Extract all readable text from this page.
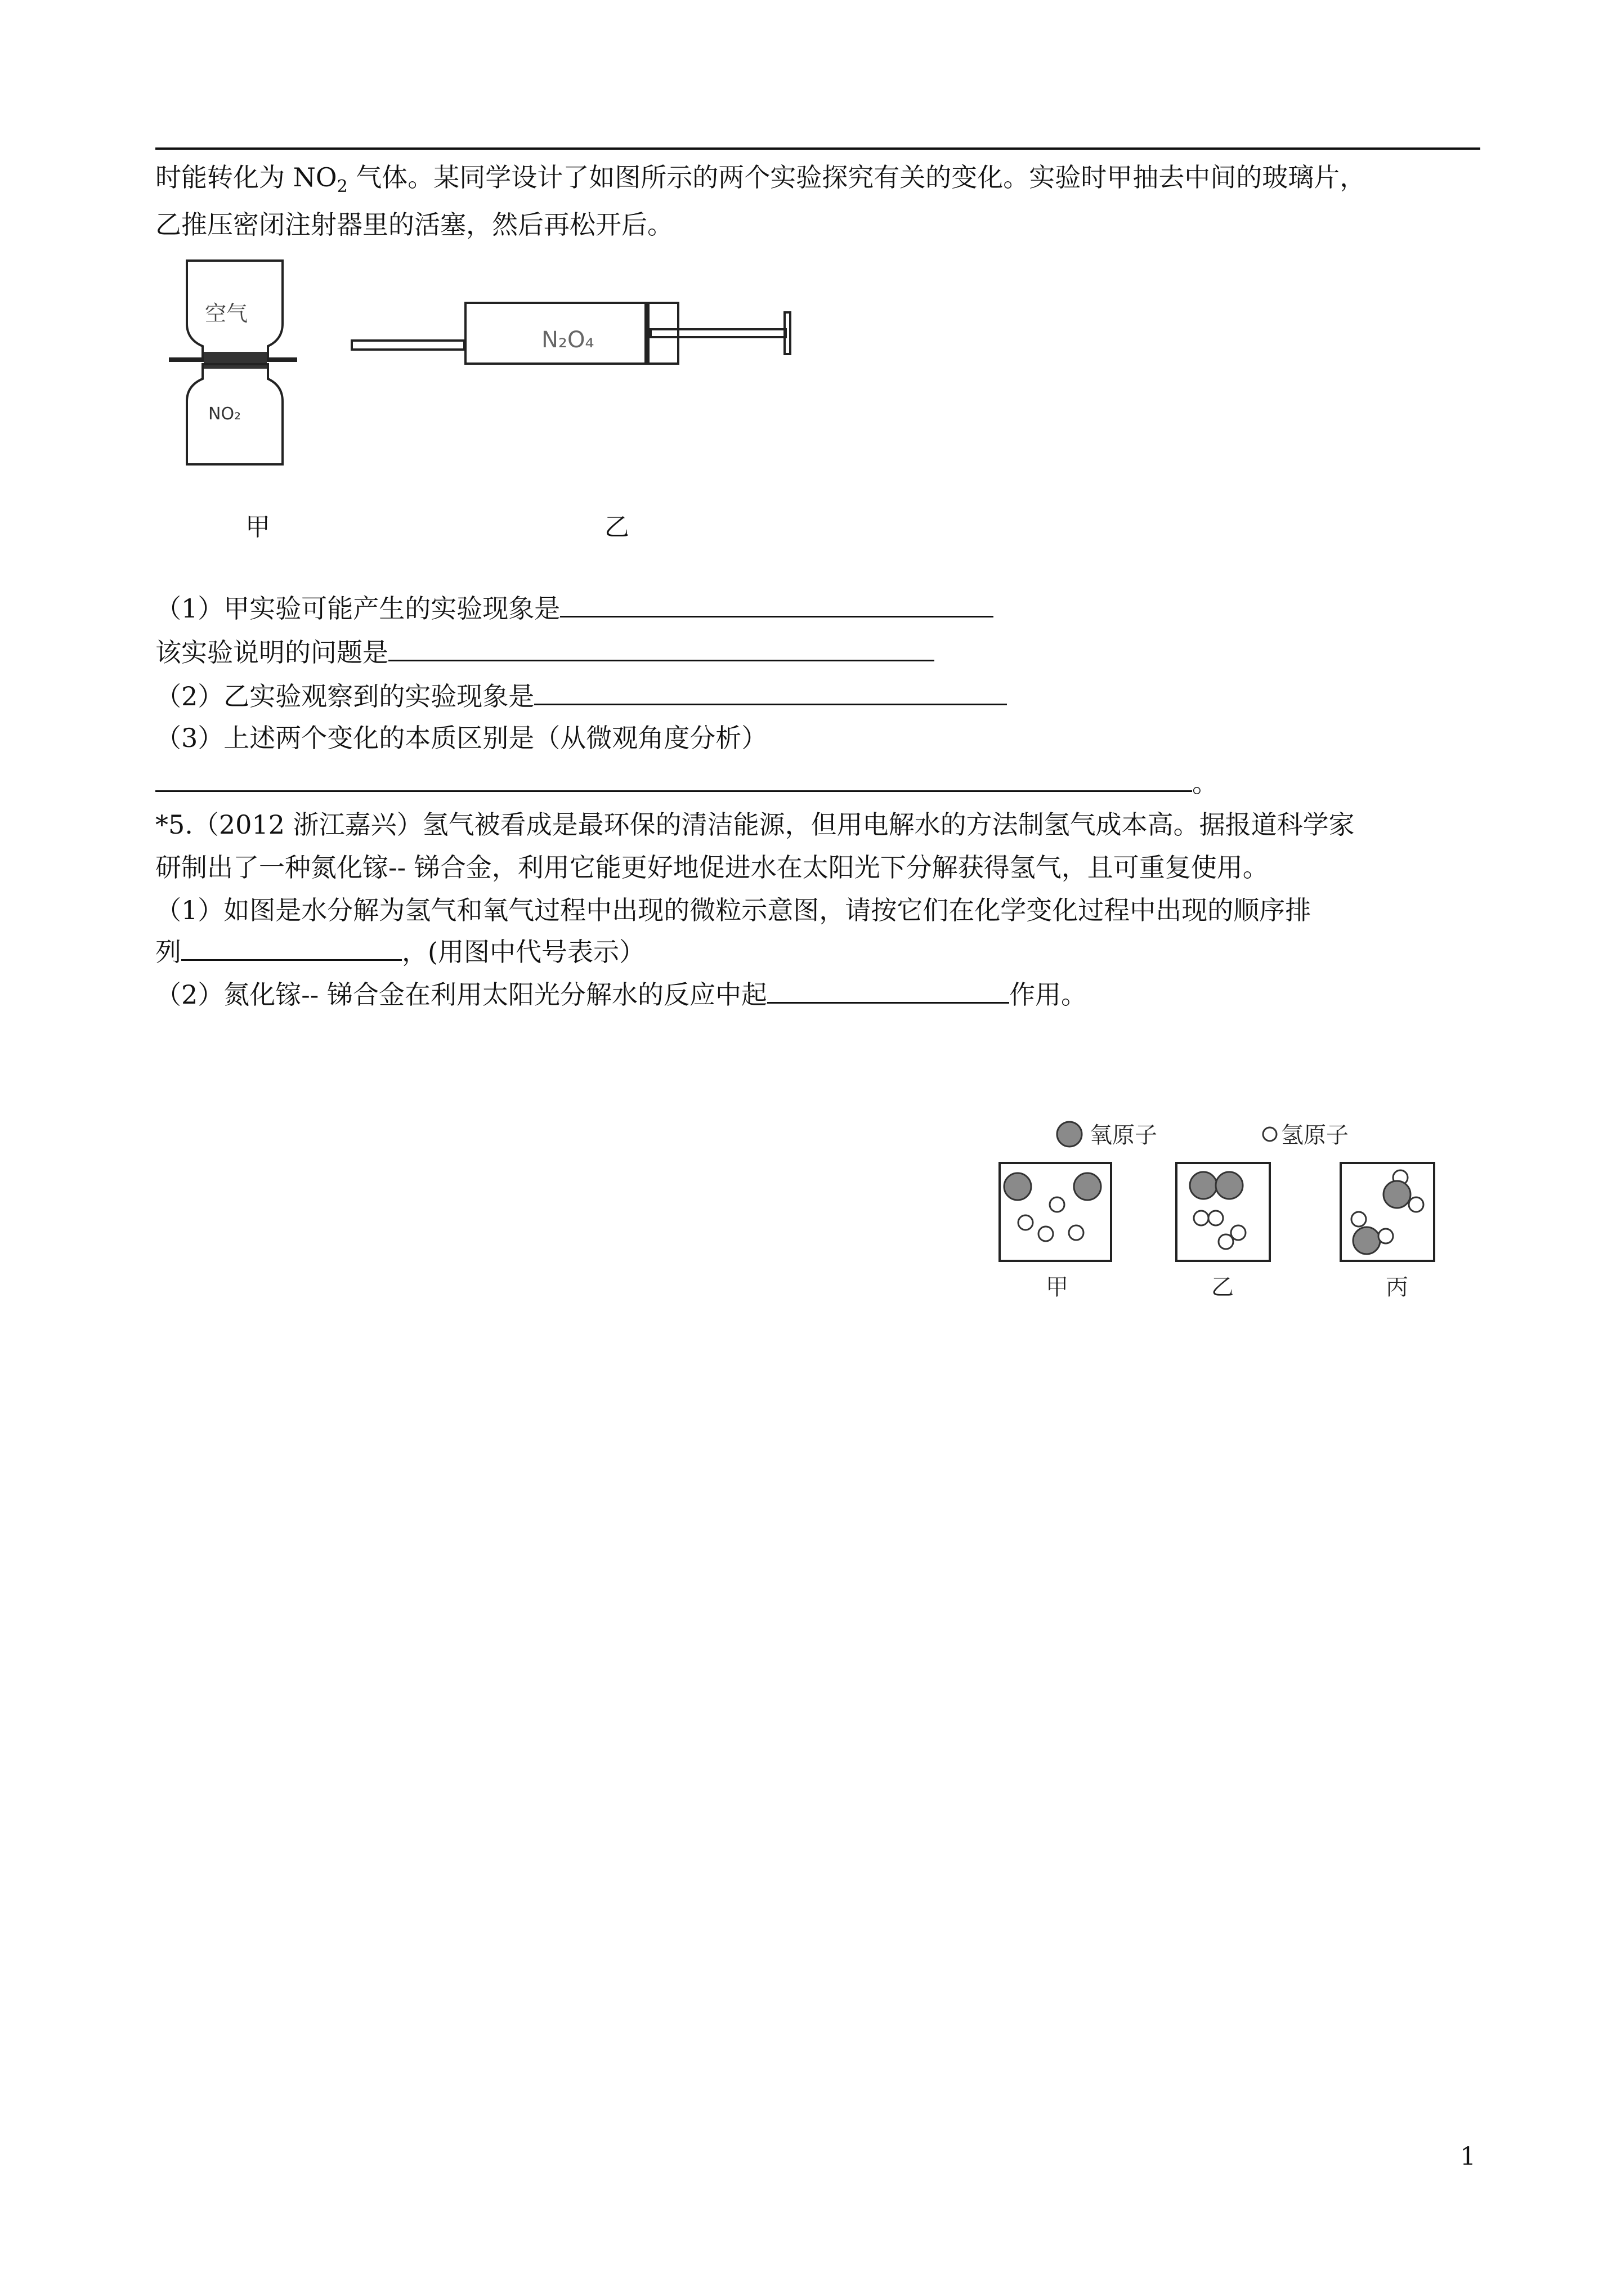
时能转化为 $NO_2$ 气体。某同学设计了如图所示的两个实验探究有关的变化。实验时甲抽去中间的玻璃片，
乙推压密闭注射器里的活塞，然后再松开后。
空气
NO₂
N₂O₄
甲	乙
（1）甲实验可能产生的实验现象是
该实验说明的问题是
（2）乙实验观察到的实验现象是
（3）上述两个变化的本质区别是（从微观角度分析）
。
*5.（2012 浙江嘉兴）氢气被看成是最环保的清洁能源，但用电解水的方法制氢气成本高。据报道科学家
研制出了一种氮化镓-- 锑合金，利用它能更好地促进水在太阳光下分解获得氢气，且可重复使用。
（1）如图是水分解为氢气和氧气过程中出现的微粒示意图，请按它们在化学变化过程中出现的顺序排
列	，(用图中代号表示）
（2）氮化镓-- 锑合金在利用太阳光分解水的反应中起	作用。
氧原子	氢原子
甲	乙	丙
1
